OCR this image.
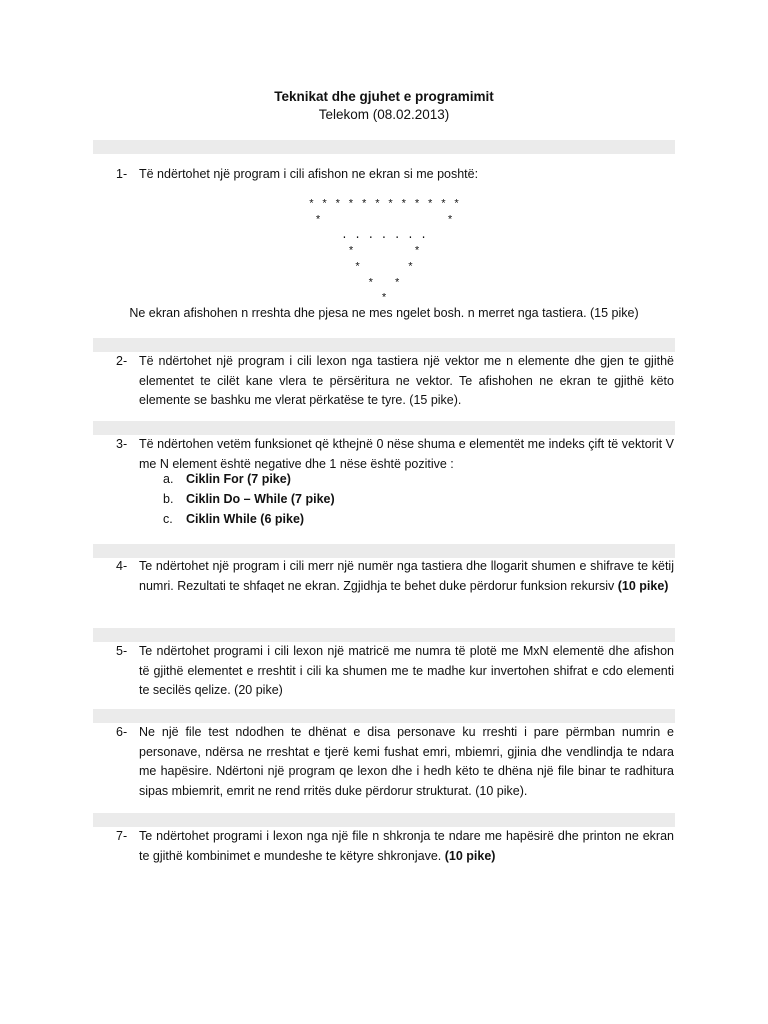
Teknikat dhe gjuhet e programimit
Telekom (08.02.2013)
1- Të ndërtohet një program i cili afishon ne ekran si me poshtë:
* * * * * * * * * * * *
*                   *
. . . . . . .
*         *
*       *
*   *
*
Ne ekran afishohen n rreshta dhe pjesa ne mes ngelet bosh. n merret nga tastiera. (15 pike)
2- Të ndërtohet një program i cili lexon nga tastiera një vektor me n elemente dhe gjen te gjithë elementet te cilët kane vlera te përsëritura ne vektor. Te afishohen ne ekran te gjithë këto elemente se bashku me vlerat përkatëse te tyre. (15 pike).
3- Të ndërtohen vetëm funksionet që kthejnë 0 nëse shuma e elementët me indeks çift të vektorit V me N element është negative dhe 1 nëse është pozitive :
a. Ciklin For (7 pike)
b. Ciklin Do – While (7 pike)
c. Ciklin While (6 pike)
4- Te ndërtohet një program i cili merr një numër nga tastiera dhe llogarit shumen e shifrave te këtij numri. Rezultati te shfaqet ne ekran. Zgjidhja te behet duke përdorur funksion rekursiv (10 pike)
5- Te ndërtohet programi i cili lexon një matricë me numra të plotë me MxN elementë dhe afishon të gjithë elementet e rreshtit i cili ka shumen me te madhe kur invertohen shifrat e cdo elementi te secilës qelize. (20 pike)
6- Ne një file test ndodhen te dhënat e disa personave ku rreshti i pare përmban numrin e personave, ndërsa ne rreshtat e tjerë kemi fushat emri, mbiemri, gjinia dhe vendlindja te ndara me hapësire. Ndërtoni një program qe lexon dhe i hedh këto te dhëna një file binar te radhitura sipas mbiemrit, emrit ne rend rritës duke përdorur strukturat. (10 pike).
7- Te ndërtohet programi i lexon nga një file n shkronja te ndare me hapësirë dhe printon ne ekran te gjithë kombinimet e mundeshe te këtyre shkronjave. (10 pike)
